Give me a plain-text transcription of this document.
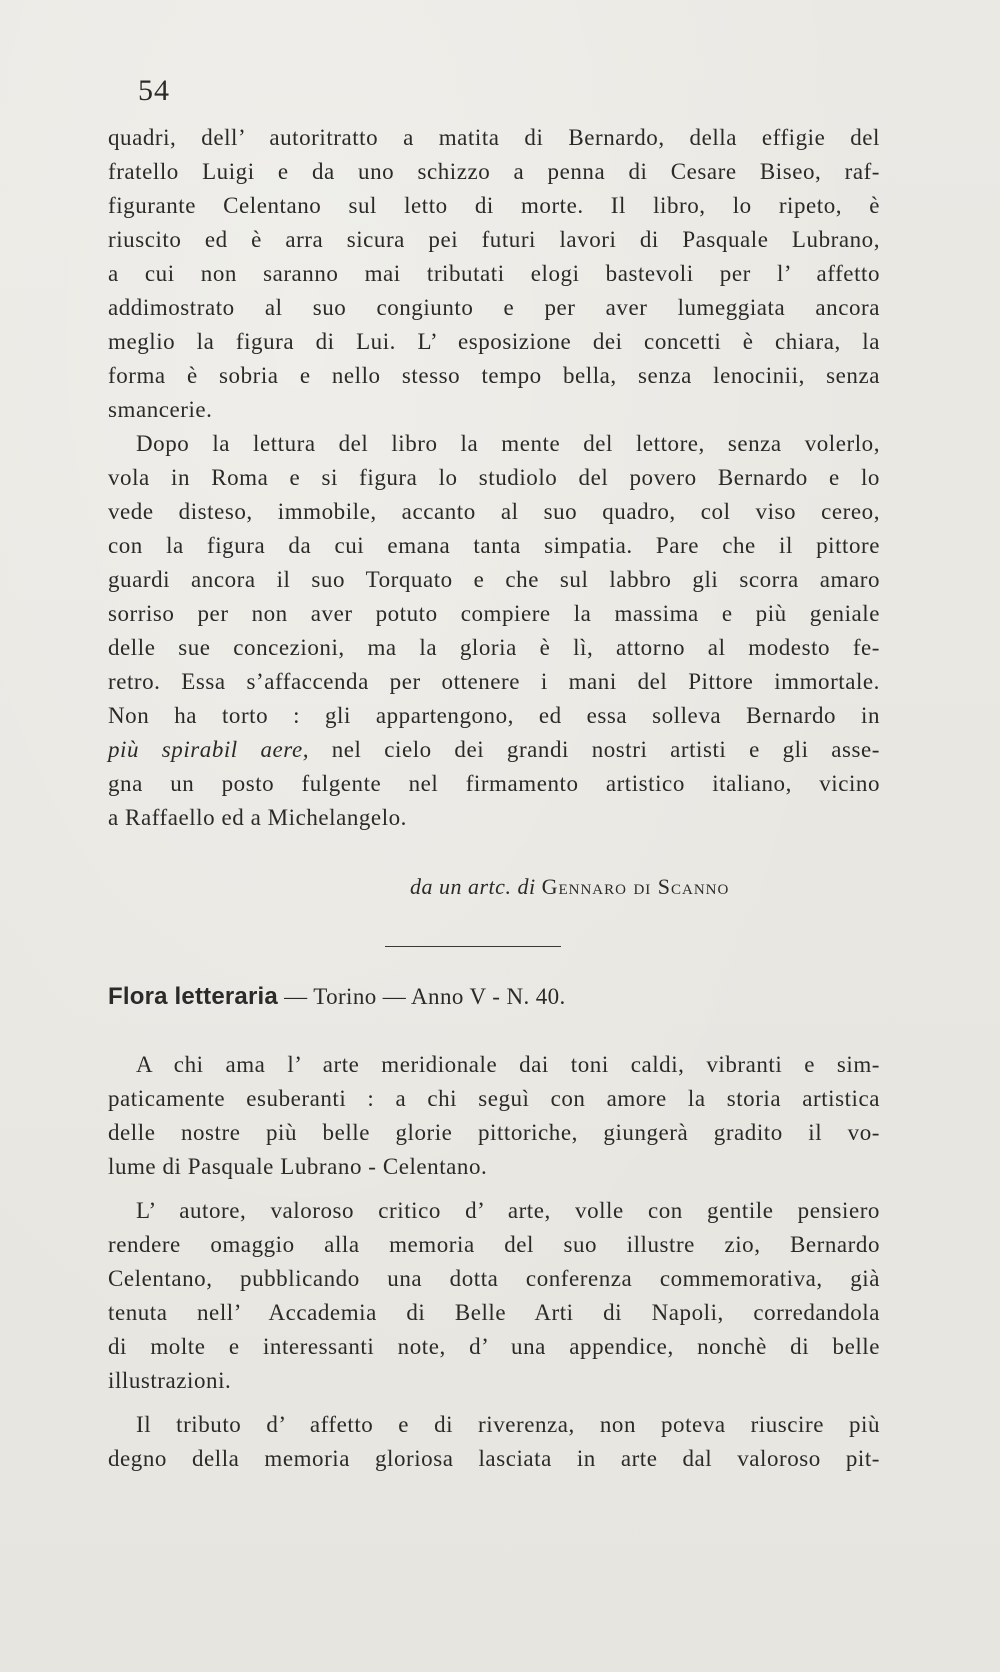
54
quadri, dell’ autoritratto a matita di Bernardo, della effigie del
fratello Luigi e da uno schizzo a penna di Cesare Biseo, raf-
figurante Celentano sul letto di morte. Il libro, lo ripeto, è
riuscito ed è arra sicura pei futuri lavori di Pasquale Lubrano,
a cui non saranno mai tributati elogi bastevoli per l’ affetto
addimostrato al suo congiunto e per aver lumeggiata ancora
meglio la figura di Lui. L’ esposizione dei concetti è chiara, la
forma è sobria e nello stesso tempo bella, senza lenocinii, senza
smancerie.
Dopo la lettura del libro la mente del lettore, senza volerlo,
vola in Roma e si figura lo studiolo del povero Bernardo e lo
vede disteso, immobile, accanto al suo quadro, col viso cereo,
con la figura da cui emana tanta simpatia. Pare che il pittore
guardi ancora il suo Torquato e che sul labbro gli scorra amaro
sorriso per non aver potuto compiere la massima e più geniale
delle sue concezioni, ma la gloria è lì, attorno al modesto fe-
retro. Essa s’affaccenda per ottenere i mani del Pittore immortale.
Non ha torto : gli appartengono, ed essa solleva Bernardo in
più spirabil aere, nel cielo dei grandi nostri artisti e gli asse-
gna un posto fulgente nel firmamento artistico italiano, vicino
a Raffaello ed a Michelangelo.
da un artc. di Gennaro di Scanno
Flora letteraria — Torino — Anno V - N. 40.
A chi ama l’ arte meridionale dai toni caldi, vibranti e sim-
paticamente esuberanti : a chi seguì con amore la storia artistica
delle nostre più belle glorie pittoriche, giungerà gradito il vo-
lume di Pasquale Lubrano - Celentano.
L’ autore, valoroso critico d’ arte, volle con gentile pensiero
rendere omaggio alla memoria del suo illustre zio, Bernardo
Celentano, pubblicando una dotta conferenza commemorativa, già
tenuta nell’ Accademia di Belle Arti di Napoli, corredandola
di molte e interessanti note, d’ una appendice, nonchè di belle
illustrazioni.
Il tributo d’ affetto e di riverenza, non poteva riuscire più
degno della memoria gloriosa lasciata in arte dal valoroso pit-
